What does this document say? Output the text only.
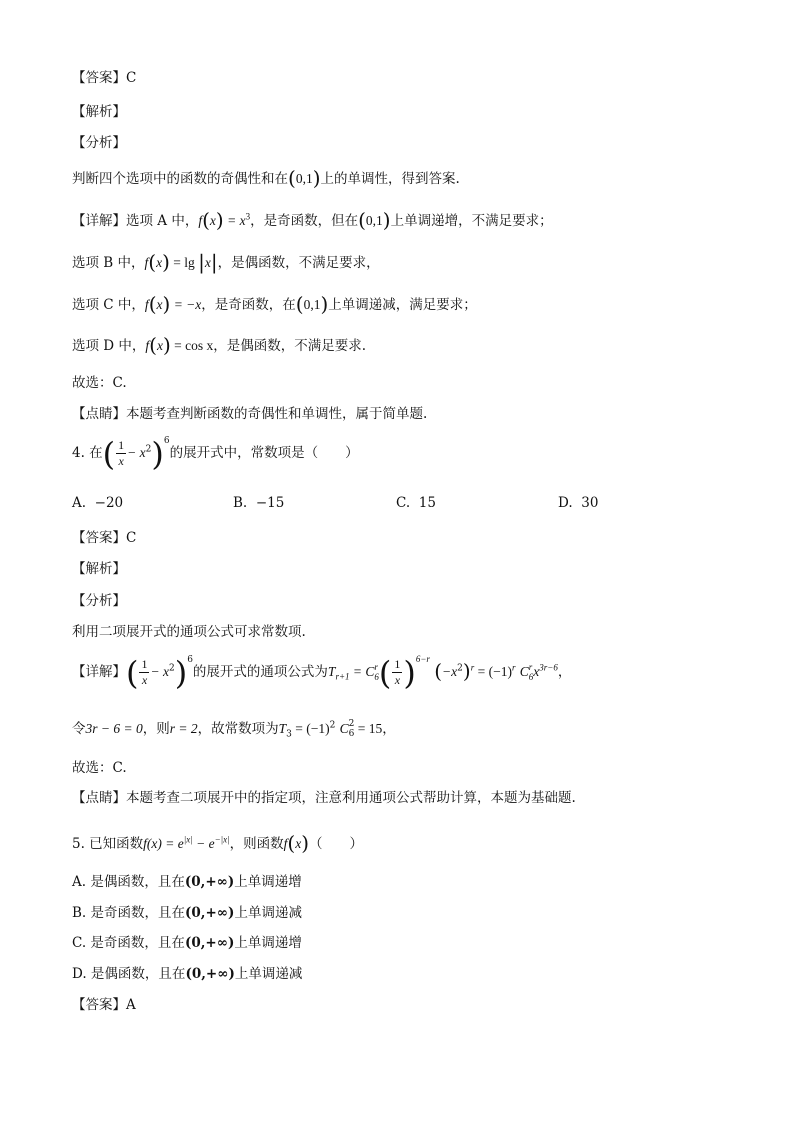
【答案】C
【解析】
【分析】
判断四个选项中的函数的奇偶性和在(0,1)上的单调性，得到答案.
【详解】选项 A 中，$f(x) = x^3$，是奇函数，但在(0,1)上单调递增，不满足要求；
选项 B 中，f(x) = lg |x|，是偶函数，不满足要求，
选项 C 中，f(x) = −x，是奇函数，在(0,1)上单调递减，满足要求；
选项 D 中，f(x) = cos x，是偶函数，不满足要求.
故选：C.
【点睛】本题考查判断函数的奇偶性和单调性，属于简单题.
4. 在( $\frac{1}{x} - x^2)^6$的展开式中，常数项是（　　）
A. −20	B. −15	C. 15	D. 30
【答案】C
【解析】
【分析】
利用二项展开式的通项公式可求常数项.
【详解】( $\frac{1}{x} - x^2)^6$的展开式的通项公式为$T_{r+1} = C$ r
6 ( $\frac{1}{x} )^{6-r}$ $(-x^2)^r = (-1)^r$ C r
6 $x^{3r-6}$，
令3r − 6 = 0，则r = 2，故常数项为$T_3 = (-1)^2$ C 2
6 = 15，
故选：C.
【点睛】本题考查二项展开中的指定项，注意利用通项公式帮助计算，本题为基础题.
5. 已知函数$f(x) = e^{|x|} - e^{-|x|}$，则函数f(x)（　　）
A. 是偶函数，且在(0,+∞)上单调递增
B. 是奇函数，且在(0,+∞)上单调递减
C. 是奇函数，且在(0,+∞)上单调递增
D. 是偶函数，且在(0,+∞)上单调递减
【答案】A
